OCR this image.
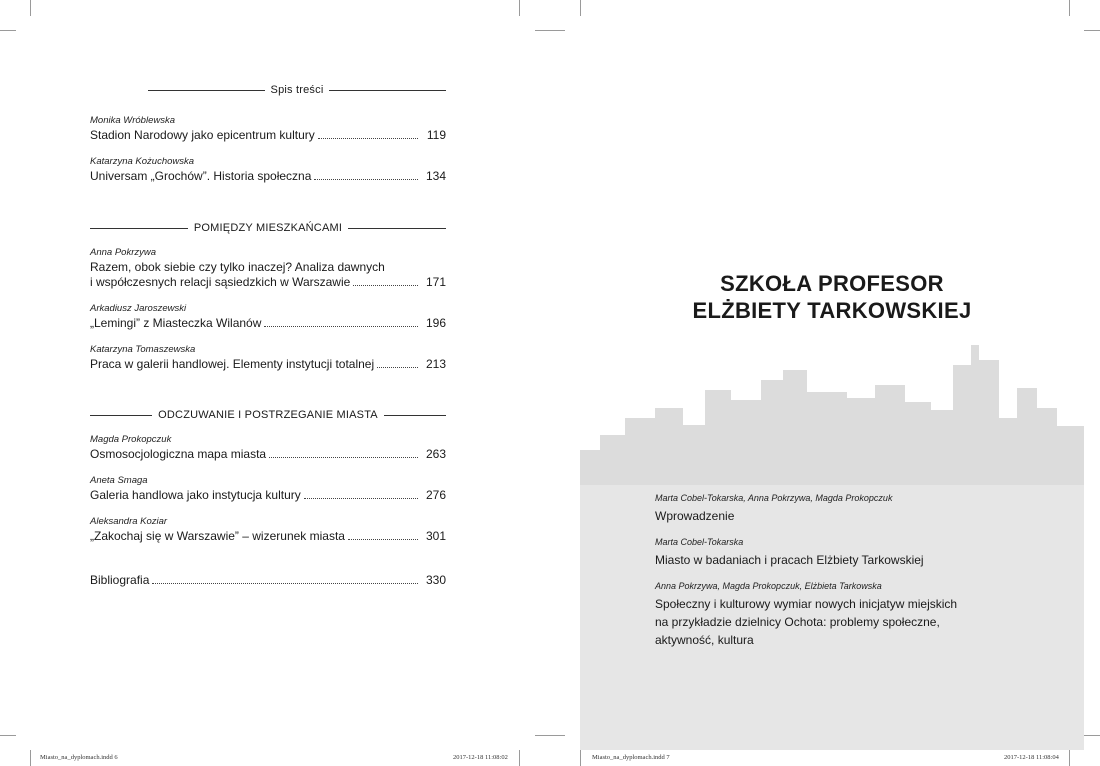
Spis treści
Monika Wróblewska
Stadion Narodowy jako epicentrum kultury	119
Katarzyna Kożuchowska
Universam „Grochów”. Historia społeczna	134
POMIĘDZY MIESZKAŃCAMI
Anna Pokrzywa
Razem, obok siebie czy tylko inaczej? Analiza dawnych
i współczesnych relacji sąsiedzkich w Warszawie	171
Arkadiusz Jaroszewski
„Lemingi” z Miasteczka Wilanów	196
Katarzyna Tomaszewska
Praca w galerii handlowej. Elementy instytucji totalnej	213
ODCZUWANIE I POSTRZEGANIE MIASTA
Magda Prokopczuk
Osmosocjologiczna mapa miasta	263
Aneta Smaga
Galeria handlowa jako instytucja kultury	276
Aleksandra Koziar
„Zakochaj się w Warszawie” – wizerunek miasta	301
Bibliografia	330
Miasto_na_dyplomach.indd 6	2017-12-18 11:08:02
SZKOŁA PROFESOR
ELŻBIETY TARKOWSKIEJ
Marta Cobel-Tokarska, Anna Pokrzywa, Magda Prokopczuk
Wprowadzenie
Marta Cobel-Tokarska
Miasto w badaniach i pracach Elżbiety Tarkowskiej
Anna Pokrzywa, Magda Prokopczuk, Elżbieta Tarkowska
Społeczny i kulturowy wymiar nowych inicjatyw miejskich
na przykładzie dzielnicy Ochota: problemy społeczne,
aktywność, kultura
Miasto_na_dyplomach.indd 7	2017-12-18 11:08:04
